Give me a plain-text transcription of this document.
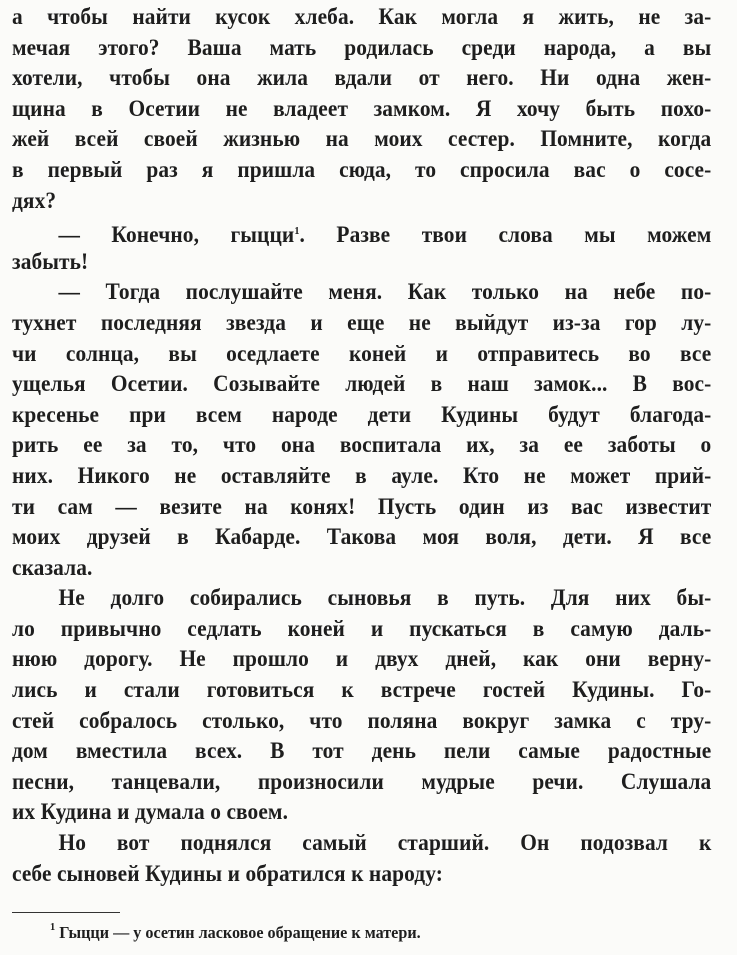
а чтобы найти кусок хлеба. Как могла я жить, не за-
мечая этого? Ваша мать родилась среди народа, а вы
хотели, чтобы она жила вдали от него. Ни одна жен-
щина в Осетии не владеет замком. Я хочу быть похо-
жей всей своей жизнью на моих сестер. Помните, когда
в первый раз я пришла сюда, то спросила вас о сосе-
дях?
— Конечно, гыцци$^1$. Разве твои слова мы можем
забыть!
— Тогда послушайте меня. Как только на небе по-
тухнет последняя звезда и еще не выйдут из-за гор лу-
чи солнца, вы оседлаете коней и отправитесь во все
ущелья Осетии. Созывайте людей в наш замок... В вос-
кресенье при всем народе дети Кудины будут благода-
рить ее за то, что она воспитала их, за ее заботы о
них. Никого не оставляйте в ауле. Кто не может прий-
ти сам — везите на конях! Пусть один из вас известит
моих друзей в Кабарде. Такова моя воля, дети. Я все
сказала.
Не долго собирались сыновья в путь. Для них бы-
ло привычно седлать коней и пускаться в самую даль-
нюю дорогу. Не прошло и двух дней, как они верну-
лись и стали готовиться к встрече гостей Кудины. Го-
стей собралось столько, что поляна вокруг замка с тру-
дом вместила всех. В тот день пели самые радостные
песни, танцевали, произносили мудрые речи. Слушала
их Кудина и думала о своем.
Но вот поднялся самый старший. Он подозвал к
себе сыновей Кудины и обратился к народу:
$^1$ Гыцци — у осетин ласковое обращение к матери.
